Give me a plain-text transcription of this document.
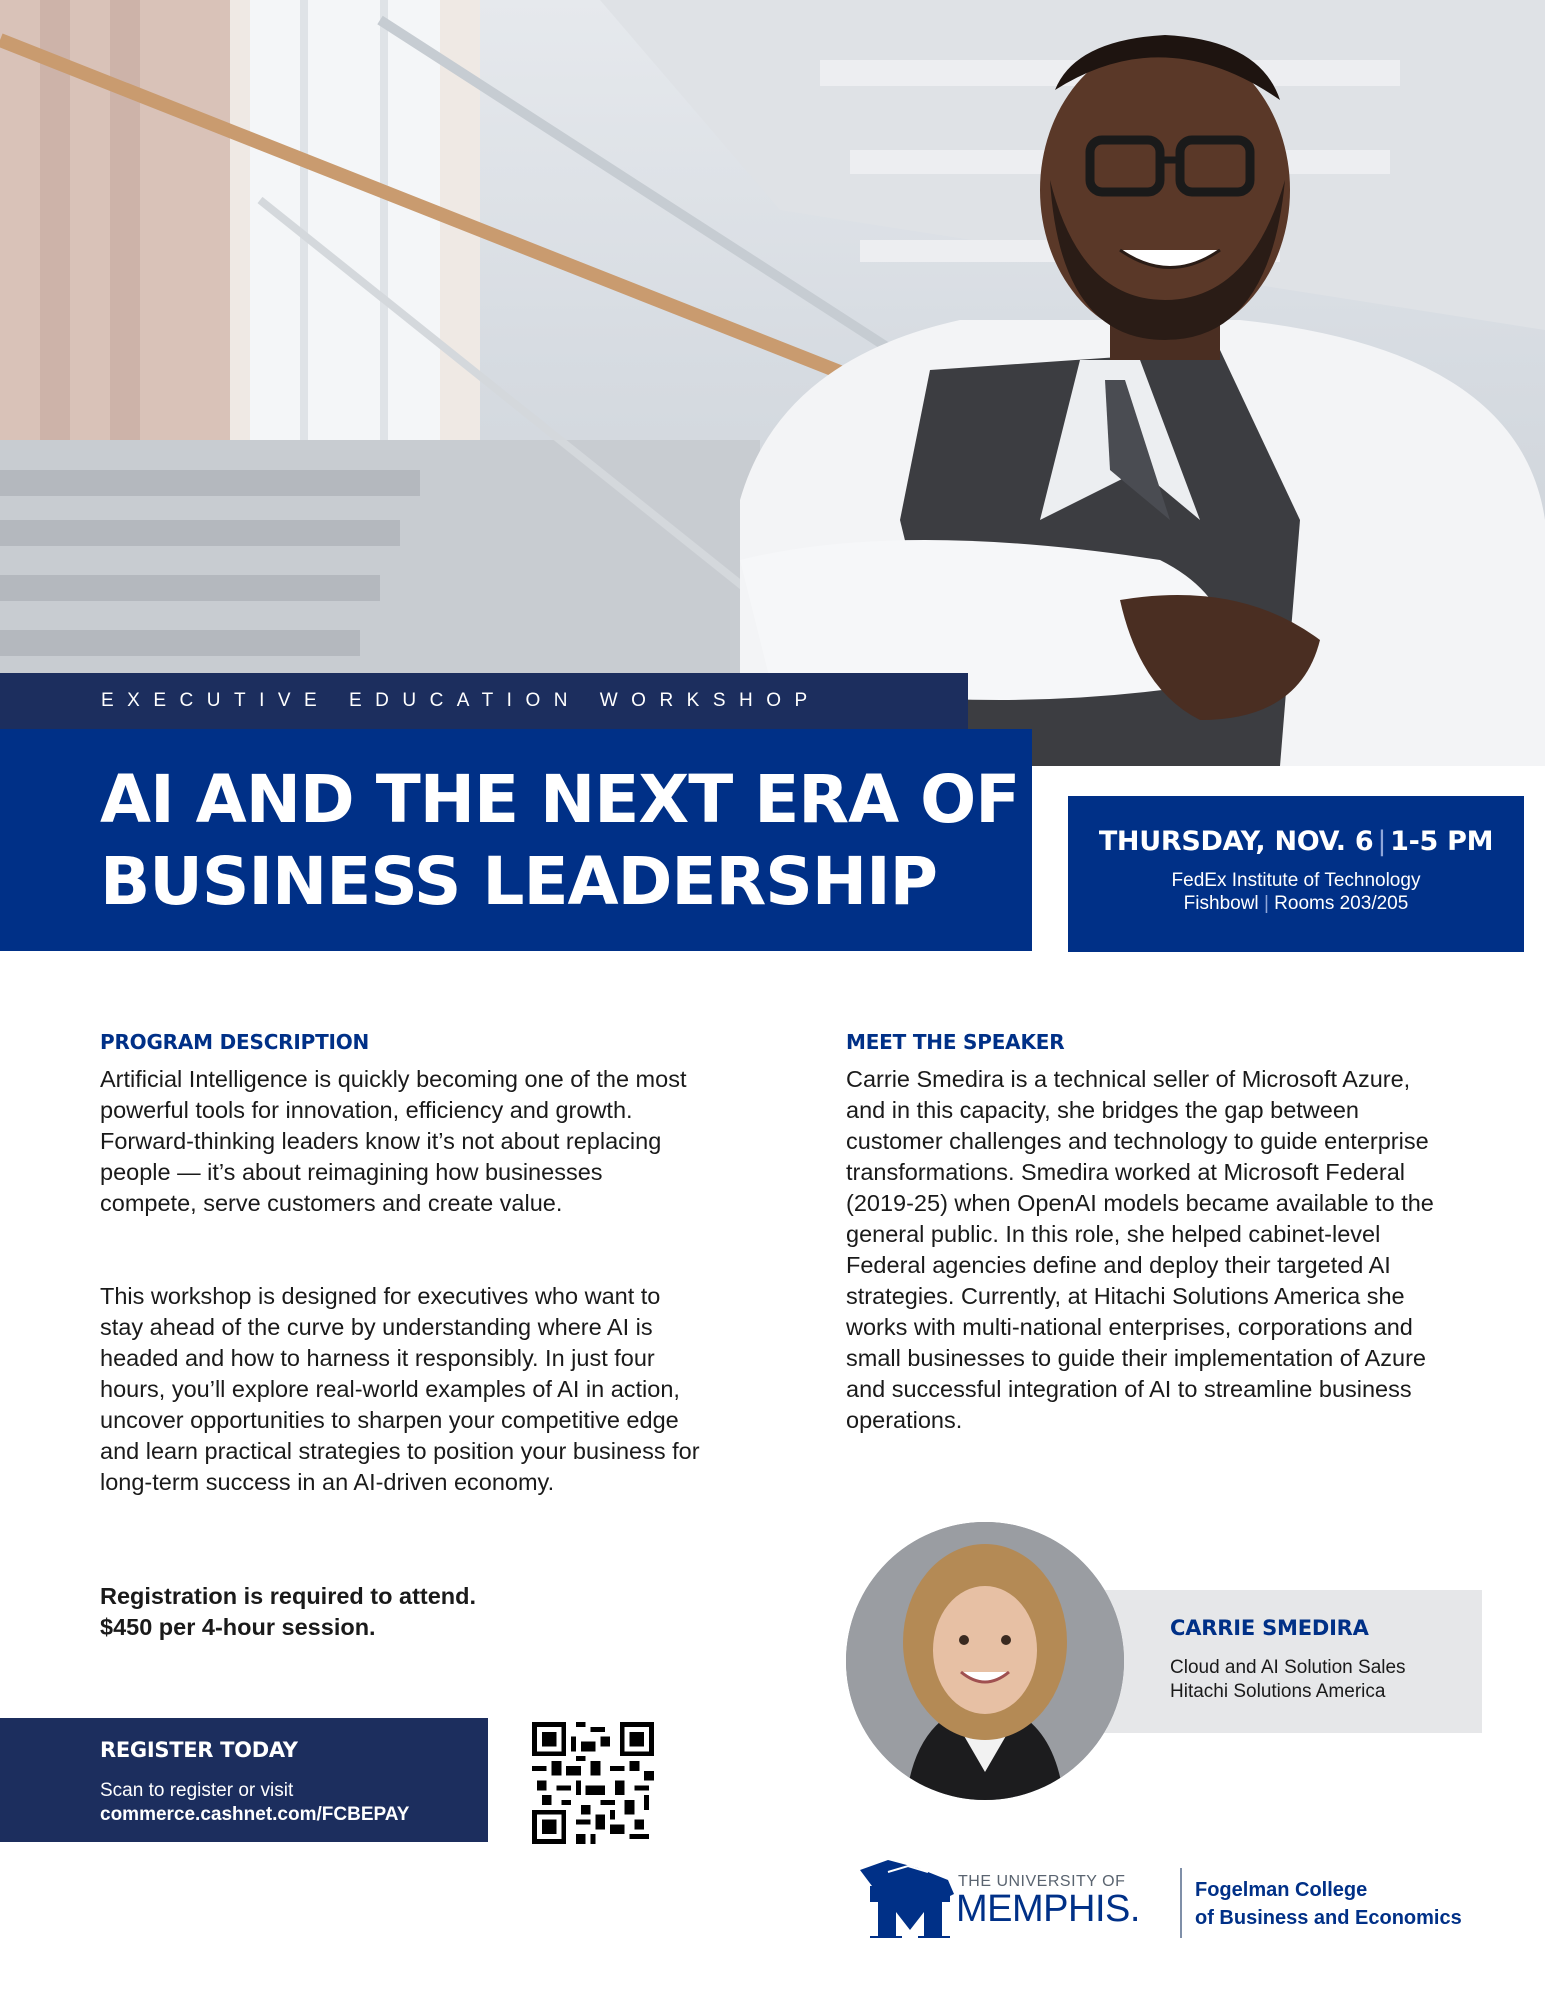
EXECUTIVE EDUCATION WORKSHOP
AI AND THE NEXT ERA OF
BUSINESS LEADERSHIP
THURSDAY, NOV. 6 | 1-5 PM
FedEx Institute of Technology
Fishbowl | Rooms 203/205
PROGRAM DESCRIPTION

Artificial Intelligence is quickly becoming one of the most powerful tools for innovation, efficiency and growth. Forward-thinking leaders know it’s not about replacing people — it’s about reimagining how businesses compete, serve customers and create value.

This workshop is designed for executives who want to stay ahead of the curve by understanding where AI is headed and how to harness it responsibly. In just four hours, you’ll explore real-world examples of AI in action, uncover opportunities to sharpen your competitive edge and learn practical strategies to position your business for long-term success in an AI-driven economy.

Registration is required to attend.
$450 per 4-hour session.
MEET THE SPEAKER

Carrie Smedira is a technical seller of Microsoft Azure, and in this capacity, she bridges the gap between customer challenges and technology to guide enterprise transformations. Smedira worked at Microsoft Federal (2019-25) when OpenAI models became available to the general public. In this role, she helped cabinet-level Federal agencies define and deploy their targeted AI strategies. Currently, at Hitachi Solutions America she works with multi-national enterprises, corporations and small businesses to guide their implementation of Azure and successful integration of AI to streamline business operations.

CARRIE SMEDIRA
Cloud and AI Solution Sales
Hitachi Solutions America
REGISTER TODAY
Scan to register or visit
commerce.cashnet.com/FCBEPAY
THE UNIVERSITY OF
MEMPHIS.	Fogelman College
of Business and Economics
